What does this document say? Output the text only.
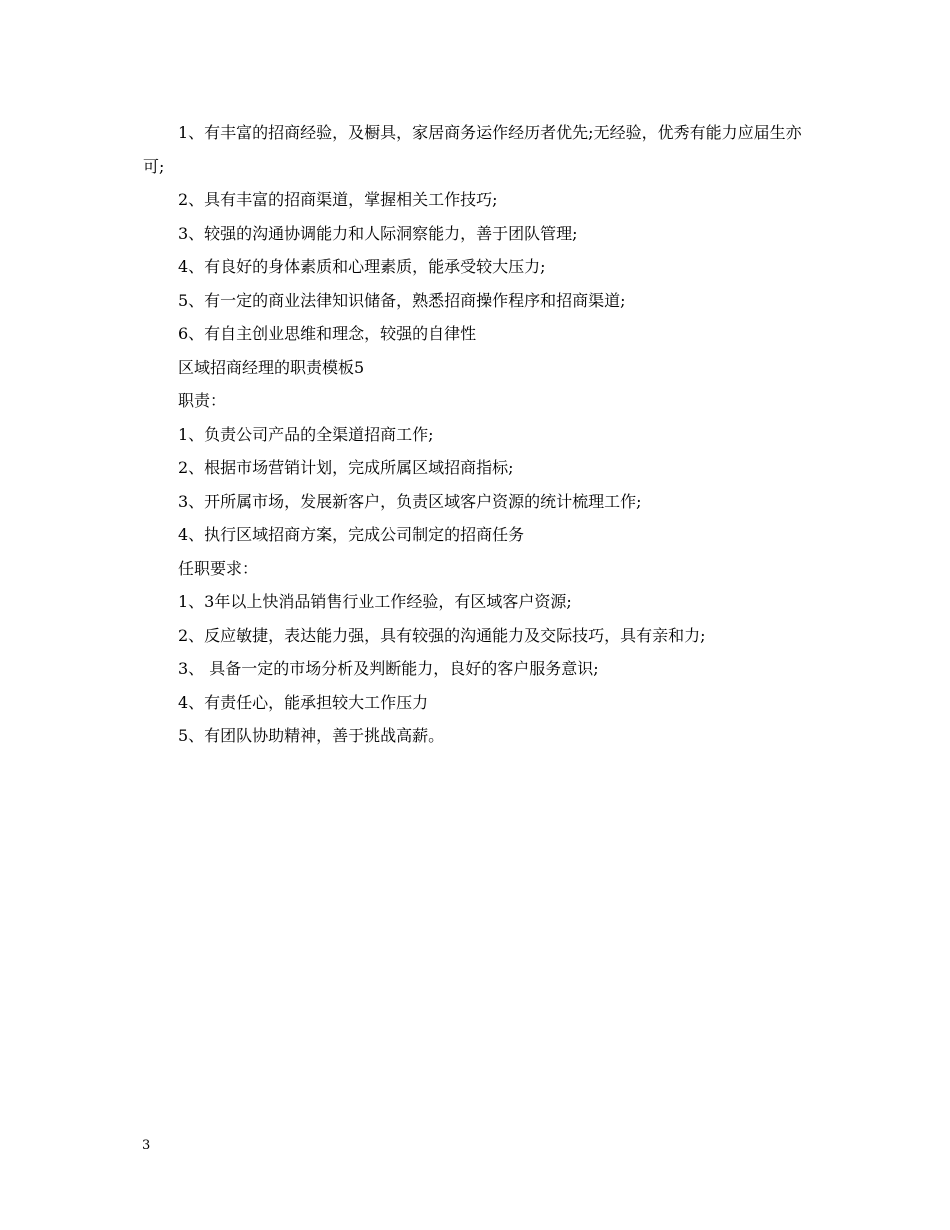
1、有丰富的招商经验，及橱具，家居商务运作经历者优先;无经验，优秀有能力应届生亦可;

2、具有丰富的招商渠道，掌握相关工作技巧;

3、较强的沟通协调能力和人际洞察能力，善于团队管理;

4、有良好的身体素质和心理素质，能承受较大压力;

5、有一定的商业法律知识储备，熟悉招商操作程序和招商渠道;

6、有自主创业思维和理念，较强的自律性

区域招商经理的职责模板5

职责：

1、负责公司产品的全渠道招商工作;

2、根据市场营销计划，完成所属区域招商指标;

3、开所属市场，发展新客户，负责区域客户资源的统计梳理工作;

4、执行区域招商方案，完成公司制定的招商任务

任职要求：

1、3年以上快消品销售行业工作经验，有区域客户资源;

2、反应敏捷，表达能力强，具有较强的沟通能力及交际技巧，具有亲和力;

3、 具备一定的市场分析及判断能力，良好的客户服务意识;

4、有责任心，能承担较大工作压力

5、有团队协助精神，善于挑战高薪。

3
